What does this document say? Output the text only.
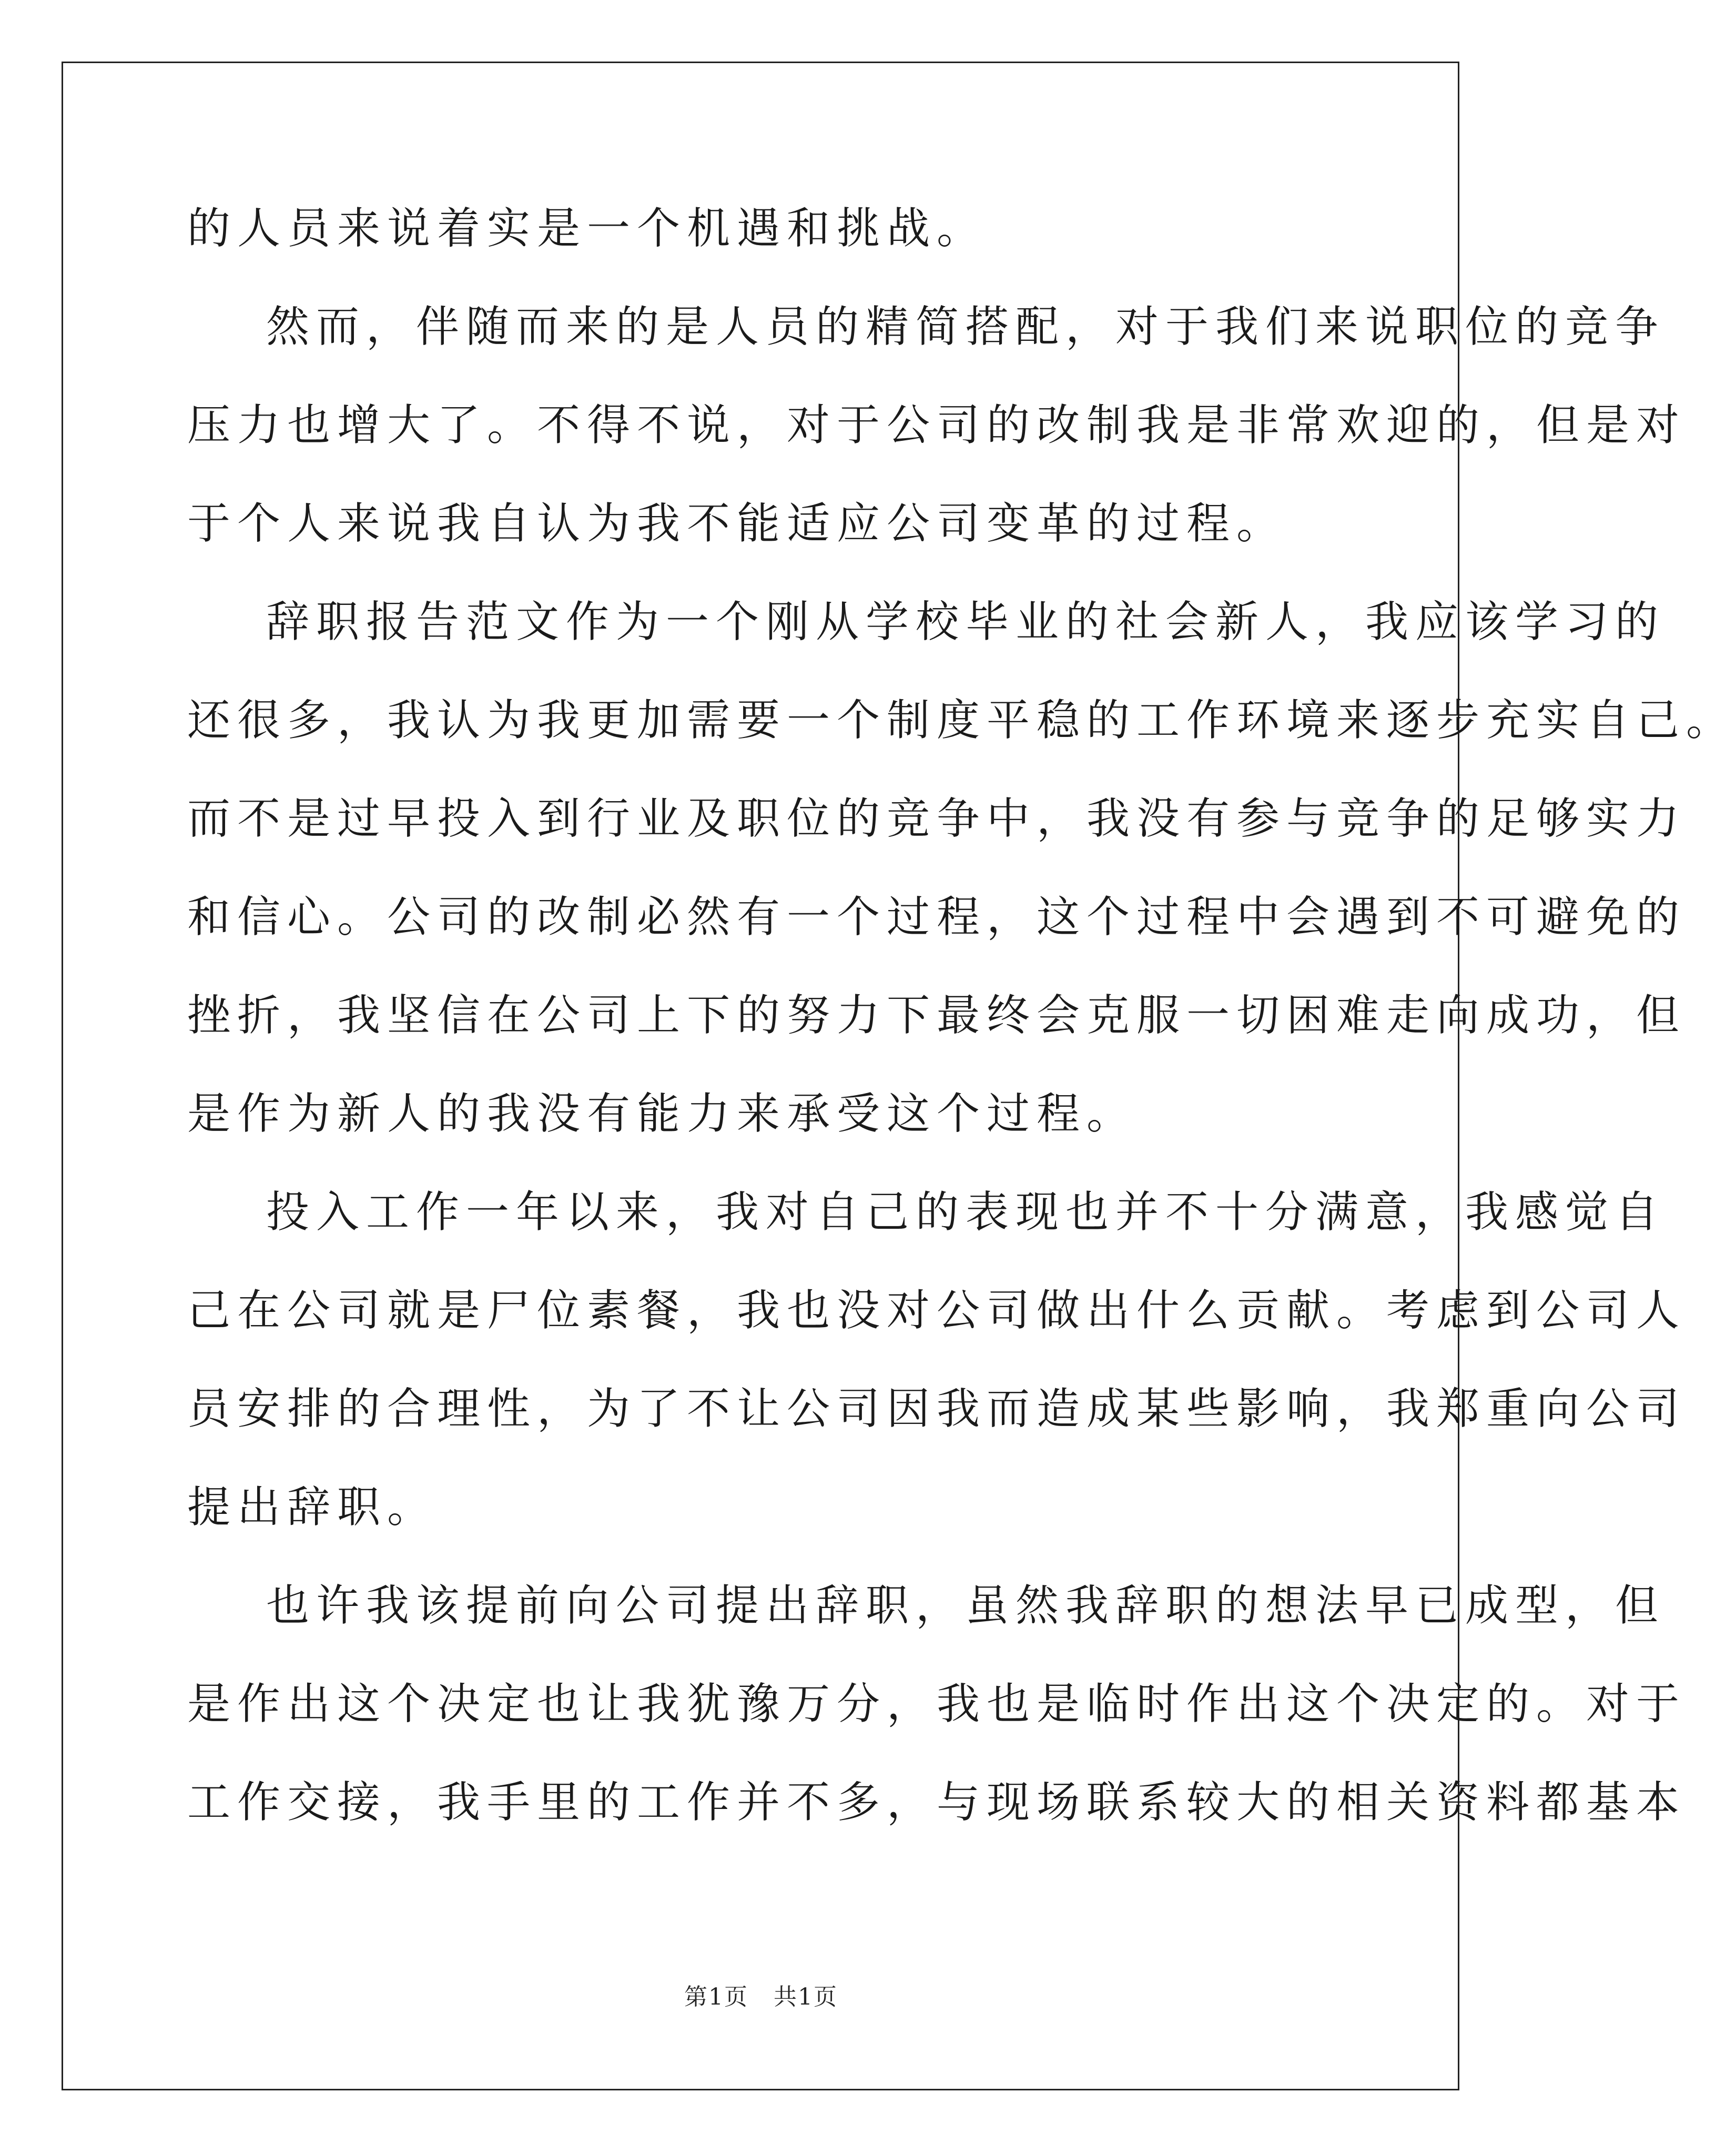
的人员来说着实是一个机遇和挑战。
然而，伴随而来的是人员的精简搭配，对于我们来说职位的竞争
压力也增大了。不得不说，对于公司的改制我是非常欢迎的，但是对
于个人来说我自认为我不能适应公司变革的过程。
辞职报告范文作为一个刚从学校毕业的社会新人，我应该学习的
还很多，我认为我更加需要一个制度平稳的工作环境来逐步充实自己。
而不是过早投入到行业及职位的竞争中，我没有参与竞争的足够实力
和信心。公司的改制必然有一个过程，这个过程中会遇到不可避免的
挫折，我坚信在公司上下的努力下最终会克服一切困难走向成功，但
是作为新人的我没有能力来承受这个过程。
投入工作一年以来，我对自己的表现也并不十分满意，我感觉自
己在公司就是尸位素餐，我也没对公司做出什么贡献。考虑到公司人
员安排的合理性，为了不让公司因我而造成某些影响，我郑重向公司
提出辞职。
也许我该提前向公司提出辞职，虽然我辞职的想法早已成型，但
是作出这个决定也让我犹豫万分，我也是临时作出这个决定的。对于
工作交接，我手里的工作并不多，与现场联系较大的相关资料都基本
第1页 共1页
